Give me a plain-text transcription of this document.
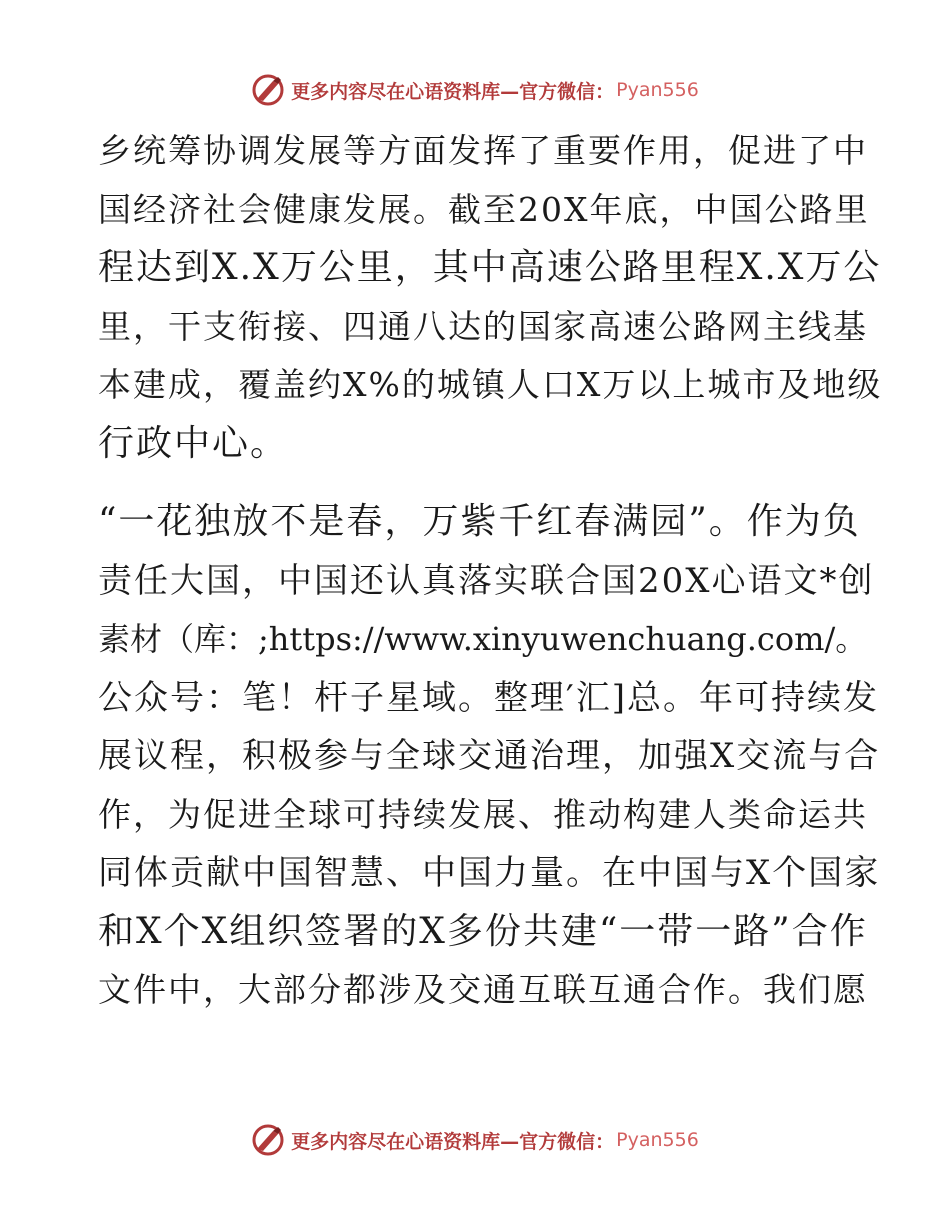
更多内容尽在心语资料库—官方微信： Pyan556
乡统筹协调发展等方面发挥了重要作用，促进了中
国经济社会健康发展。截至20X年底，中国公路里
程达到X.X万公里，其中高速公路里程X.X万公
里，干支衔接、四通八达的国家高速公路网主线基
本建成，覆盖约X%的城镇人口X万以上城市及地级
行政中心。
“一花独放不是春，万紫千红春满园”。作为负
责任大国，中国还认真落实联合国20X心语文*创
素材（库：;https://www.xinyuwenchuang.com/。
公众号：笔！杆子星域。整理′汇]总。年可持续发
展议程，积极参与全球交通治理，加强X交流与合
作，为促进全球可持续发展、推动构建人类命运共
同体贡献中国智慧、中国力量。在中国与X个国家
和X个X组织签署的X多份共建“一带一路”合作
文件中，大部分都涉及交通互联互通合作。我们愿
更多内容尽在心语资料库—官方微信： Pyan556
